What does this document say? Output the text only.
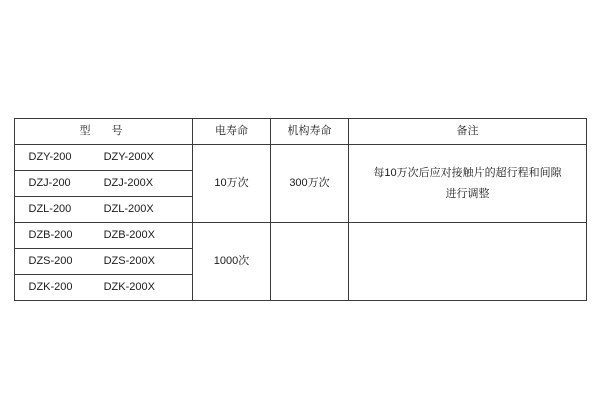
型　号	电寿命	机构寿命	备注
DZY-200 DZY-200X	10万次	300万次	每10万次后应对接触片的超行程和间隙
进行调整

DZJ-200 DZJ-200X			
DZL-200 DZL-200X			
DZB-200 DZB-200X	1000次		
DZS-200 DZS-200X			
DZK-200 DZK-200X			
